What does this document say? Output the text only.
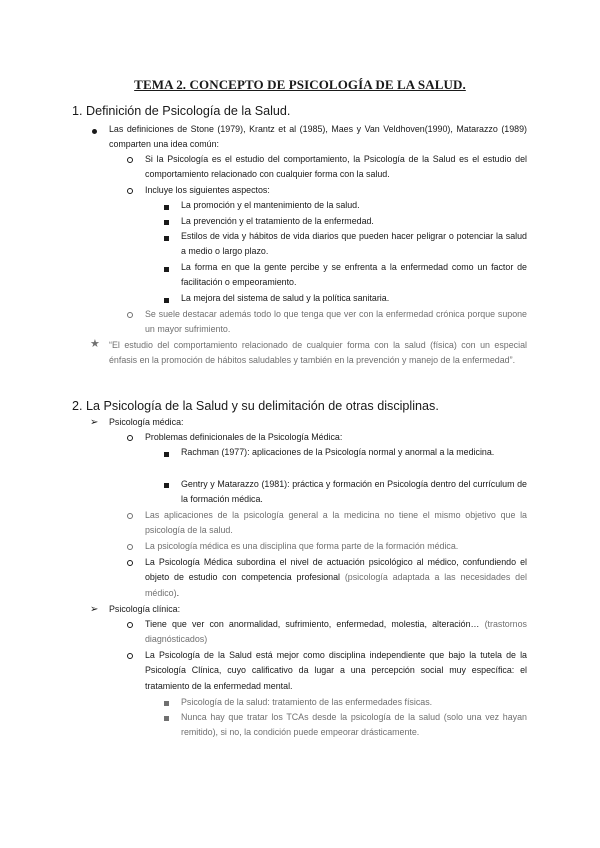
TEMA 2. CONCEPTO DE PSICOLOGÍA DE LA SALUD.
1. Definición de Psicología de la Salud.
Las definiciones de Stone (1979), Krantz et al (1985), Maes y Van Veldhoven(1990), Matarazzo (1989) comparten una idea común:
Si la Psicología es el estudio del comportamiento, la Psicología de la Salud es el estudio del comportamiento relacionado con cualquier forma con la salud.
Incluye los siguientes aspectos:
La promoción y el mantenimiento de la salud.
La prevención y el tratamiento de la enfermedad.
Estilos de vida y hábitos de vida diarios que pueden hacer peligrar o potenciar la salud a medio o largo plazo.
La forma en que la gente percibe y se enfrenta a la enfermedad como un factor de facilitación o empeoramiento.
La mejora del sistema de salud y la política sanitaria.
Se suele destacar además todo lo que tenga que ver con la enfermedad crónica porque supone un mayor sufrimiento.
★ “El estudio del comportamiento relacionado de cualquier forma con la salud (física) con un especial énfasis en la promoción de hábitos saludables y también en la prevención y manejo de la enfermedad”.
2. La Psicología de la Salud y su delimitación de otras disciplinas.
➢ Psicología médica:
Problemas definicionales de la Psicología Médica:
Rachman (1977): aplicaciones de la Psicología normal y anormal a la medicina.
Gentry y Matarazzo (1981): práctica y formación en Psicología dentro del currículum de la formación médica.
Las aplicaciones de la psicología general a la medicina no tiene el mismo objetivo que la psicología de la salud.
La psicología médica es una disciplina que forma parte de la formación médica.
La Psicología Médica subordina el nivel de actuación psicológico al médico, confundiendo el objeto de estudio con competencia profesional (psicología adaptada a las necesidades del médico).
➢ Psicología clínica:
Tiene que ver con anormalidad, sufrimiento, enfermedad, molestia, alteración… (trastornos diagnósticados)
La Psicología de la Salud está mejor como disciplina independiente que bajo la tutela de la Psicología Clínica, cuyo calificativo da lugar a una percepción social muy específica: el tratamiento de la enfermedad mental.
Psicología de la salud: tratamiento de las enfermedades físicas.
Nunca hay que tratar los TCAs desde la psicología de la salud (solo una vez hayan remitido), si no, la condición puede empeorar drásticamente.
